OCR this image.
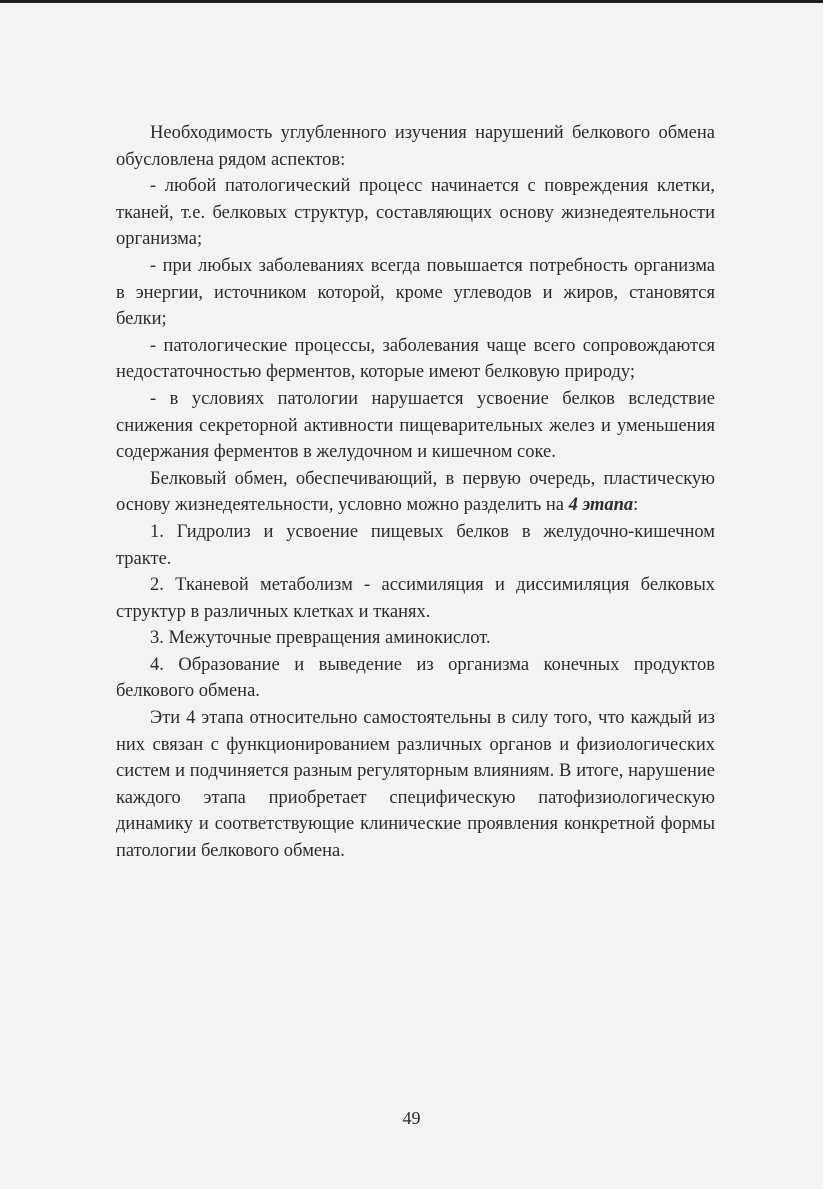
Необходимость углубленного изучения нарушений белкового обмена обусловлена рядом аспектов:

- любой патологический процесс начинается с повреждения клетки, тканей, т.е. белковых структур, составляющих основу жизнедеятельности организма;

- при любых заболеваниях всегда повышается потребность организма в энергии, источником которой, кроме углеводов и жиров, становятся белки;

- патологические процессы, заболевания чаще всего сопровождаются недостаточностью ферментов, которые имеют белковую природу;

- в условиях патологии нарушается усвоение белков вследствие снижения секреторной активности пищеварительных желез и уменьшения содержания ферментов в желудочном и кишечном соке.

Белковый обмен, обеспечивающий, в первую очередь, пластическую основу жизнедеятельности, условно можно разделить на 4 этапа:

1. Гидролиз и усвоение пищевых белков в желудочно-кишечном тракте.

2. Тканевой метаболизм - ассимиляция и диссимиляция белковых структур в различных клетках и тканях.

3. Межуточные превращения аминокислот.

4. Образование и выведение из организма конечных продуктов белкового обмена.

Эти 4 этапа относительно самостоятельны в силу того, что каждый из них связан с функционированием различных органов и физиологических систем и подчиняется разным регуляторным влияниям. В итоге, нарушение каждого этапа приобретает специфическую патофизиологическую динамику и соответствующие клинические проявления конкретной формы патологии белкового обмена.

49
